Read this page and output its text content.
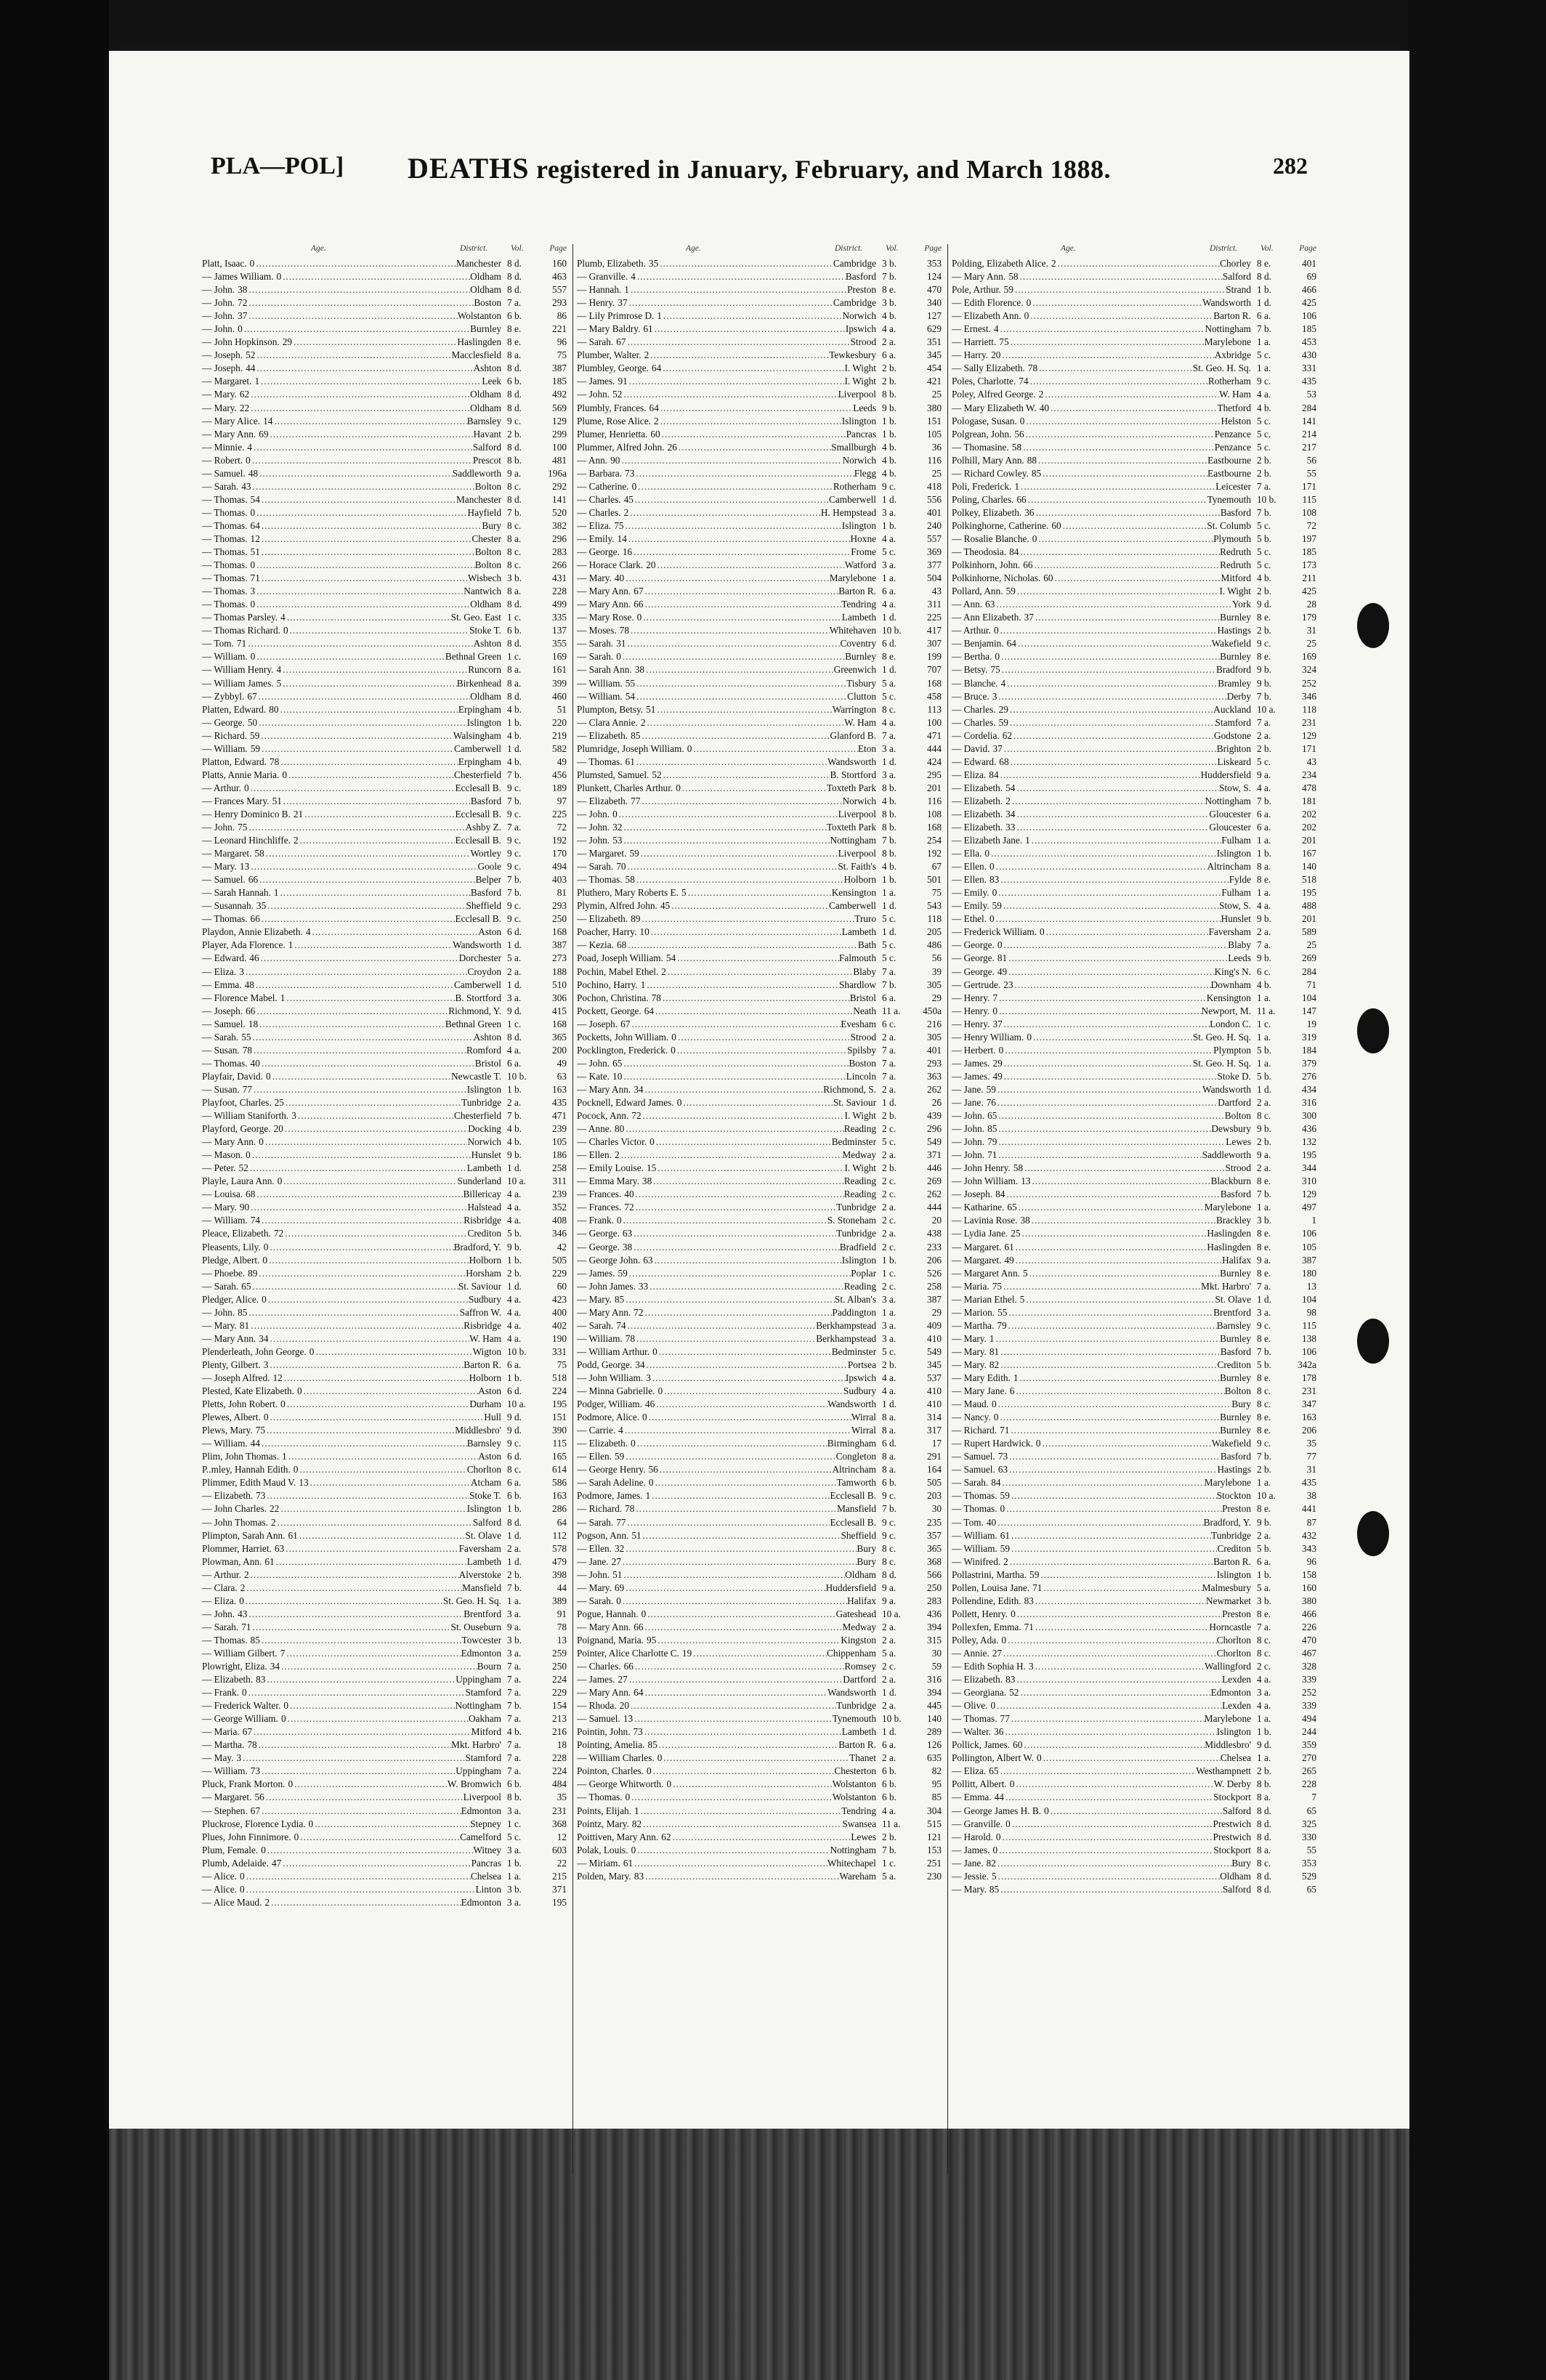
PLA—POL]	DEATHS registered in January, February, and March 1888.	282
Age.	District.	Vol.	Page
Platt, Isaac. 0 .....	Manchester 8 d.	160
— James William. 0 .....	Oldham 8 d.	463
— John. 38 .....	Oldham 8 d.	557
— John. 72 .....	Boston 7 a.	293
— John. 37 .....	Wolstanton 6 b.	86
— John. 0 .....	Burnley 8 e.	221
— John Hopkinson. 29 .....	Haslingden 8 e.	96
— Joseph. 52 .....	Macclesfield 8 a.	75
— Joseph. 44 .....	Ashton 8 d.	387
— Margaret. 1 .....	Leek 6 b.	185
— Mary. 62 .....	Oldham 8 d.	492
— Mary. 22 .....	Oldham 8 d.	569
— Mary Alice. 14 .....	Barnsley 9 c.	129
— Mary Ann. 69 .....	Havant 2 b.	299
— Minnie. 4 .....	Salford 8 d.	100
— Robert. 0 .....	Prescot 8 b.	481
— Samuel. 48 .....	Saddleworth 9 a.	196a
— Sarah. 43 .....	Bolton 8 c.	292
— Thomas. 54 .....	Manchester 8 d.	141
— Thomas. 0 .....	Hayfield 7 b.	520
— Thomas. 64 .....	Bury 8 c.	382
— Thomas. 12 .....	Chester 8 a.	296
— Thomas. 51 .....	Bolton 8 c.	283
— Thomas. 0 .....	Bolton 8 c.	266
— Thomas. 71 .....	Wisbech 3 b.	431
— Thomas. 3 .....	Nantwich 8 a.	228
— Thomas. 0 .....	Oldham 8 d.	499
— Thomas Parsley. 4 .....	St. Geo. East 1 c.	335
— Thomas Richard. 0 .....	Stoke T. 6 b.	137
— Tom. 71 .....	Ashton 8 d.	355
— William. 0 .....	Bethnal Green 1 c.	169
— William Henry. 4 .....	Runcorn 8 a.	161
— William James. 5 .....	Birkenhead 8 a.	399
— Zybbyl. 67 .....	Oldham 8 d.	460
Platten, Edward. 80 .....	Erpingham 4 b.	51
— George. 50 .....	Islington 1 b.	220
— Richard. 59 .....	Walsingham 4 b.	219
— William. 59 .....	Camberwell 1 d.	582
Platton, Edward. 78 .....	Erpingham 4 b.	49
Platts, Annie Maria. 0 .....	Chesterfield 7 b.	456
— Arthur. 0 .....	Ecclesall B. 9 c.	189
— Frances Mary. 51 .....	Basford 7 b.	97
— Henry Dominico B. 21 .....	Ecclesall B. 9 c.	225
— John. 75 .....	Ashby Z. 7 a.	72
— Leonard Hinchliffe. 2 .....	Ecclesall B. 9 c.	192
— Margaret. 58 .....	Wortley 9 c.	170
— Mary. 13 .....	Goole 9 c.	494
— Samuel. 66 .....	Belper 7 b.	403
— Sarah Hannah. 1 .....	Basford 7 b.	81
— Susannah. 35 .....	Sheffield 9 c.	293
— Thomas. 66 .....	Ecclesall B. 9 c.	250
Playdon, Annie Elizabeth. 4 .....	Aston 6 d.	168
Player, Ada Florence. 1 .....	Wandsworth 1 d.	387
— Edward. 46 .....	Dorchester 5 a.	273
— Eliza. 3 .....	Croydon 2 a.	188
— Emma. 48 .....	Camberwell 1 d.	510
— Florence Mabel. 1 .....	B. Stortford 3 a.	306
— Joseph. 66 .....	Richmond, Y. 9 d.	415
— Samuel. 18 .....	Bethnal Green 1 c.	168
— Sarah. 55 .....	Ashton 8 d.	365
— Susan. 78 .....	Romford 4 a.	200
— Thomas. 40 .....	Bristol 6 a.	49
Playfair, David. 0 .....	Newcastle T. 10 b.	63
— Susan. 77 .....	Islington 1 b.	163
Playfoot, Charles. 25 .....	Tunbridge 2 a.	435
— William Staniforth. 3 .....	Chesterfield 7 b.	471
Playford, George. 20 .....	Docking 4 b.	239
— Mary Ann. 0 .....	Norwich 4 b.	105
— Mason. 0 .....	Hunslet 9 b.	186
— Peter. 52 .....	Lambeth 1 d.	258
Playle, Laura Ann. 0 .....	Sunderland 10 a.	311
— Louisa. 68 .....	Billericay 4 a.	239
— Mary. 90 .....	Halstead 4 a.	352
— William. 74 .....	Risbridge 4 a.	408
Pleace, Elizabeth. 72 .....	Crediton 5 b.	346
Pleasents, Lily. 0 .....	Bradford, Y. 9 b.	42
Pledge, Albert. 0 .....	Holborn 1 b.	505
— Phoebe. 89 .....	Horsham 2 b.	229
— Sarah. 65 .....	St. Saviour 1 d.	60
Pledger, Alice. 0 .....	Sudbury 4 a.	423
— John. 85 .....	Saffron W. 4 a.	400
— Mary. 81 .....	Risbridge 4 a.	402
— Mary Ann. 34 .....	W. Ham 4 a.	190
Plenderleath, John George. 0 .....	Wigton 10 b.	331
Plenty, Gilbert. 3 .....	Barton R. 6 a.	75
— Joseph Alfred. 12 .....	Holborn 1 b.	518
Plested, Kate Elizabeth. 0 .....	Aston 6 d.	224
Pletts, John Robert. 0 .....	Durham 10 a.	195
Plewes, Albert. 0 .....	Hull 9 d.	151
Plews, Mary. 75 .....	Middlesbro' 9 d.	390
— William. 44 .....	Barnsley 9 c.	115
Plim, John Thomas. 1 .....	Aston 6 d.	165
P..mley, Hannah Edith. 0 .....	Chorlton 8 c.	614
Plimmer, Edith Maud V. 13 .....	Atcham 6 a.	586
— Elizabeth. 73 .....	Stoke T. 6 b.	163
— John Charles. 22 .....	Islington 1 b.	286
— John Thomas. 2 .....	Salford 8 d.	64
Plimpton, Sarah Ann. 61 .....	St. Olave 1 d.	112
Plommer, Harriet. 63 .....	Faversham 2 a.	578
Plowman, Ann. 61 .....	Lambeth 1 d.	479
— Arthur. 2 .....	Alverstoke 2 b.	398
— Clara. 2 .....	Mansfield 7 b.	44
— Eliza. 0 .....	St. Geo. H. Sq. 1 a.	389
— John. 43 .....	Brentford 3 a.	91
— Sarah. 71 .....	St. Ouseburn 9 a.	78
— Thomas. 85 .....	Towcester 3 b.	13
— William Gilbert. 7 .....	Edmonton 3 a.	259
Plowright, Eliza. 34 .....	Bourn 7 a.	250
— Elizabeth. 83 .....	Uppingham 7 a.	224
— Frank. 0 .....	Stamford 7 a.	229
— Frederick Walter. 0 .....	Nottingham 7 b.	154
— George William. 0 .....	Oakham 7 a.	213
— Maria. 67 .....	Mitford 4 b.	216
— Martha. 78 .....	Mkt. Harbro' 7 a.	18
— May. 3 .....	Stamford 7 a.	228
— William. 73 .....	Uppingham 7 a.	224
Pluck, Frank Morton. 0 .....	W. Bromwich 6 b.	484
— Margaret. 56 .....	Liverpool 8 b.	35
— Stephen. 67 .....	Edmonton 3 a.	231
Pluckrose, Florence Lydia. 0 .....	Stepney 1 c.	368
Plues, John Finnimore. 0 .....	Camelford 5 c.	12
Plum, Female. 0 .....	Witney 3 a.	603
Plumb, Adelaide. 47 .....	Pancras 1 b.	22
— Alice. 0 .....	Chelsea 1 a.	215
— Alice. 0 .....	Linton 3 b.	371
— Alice Maud. 2 .....	Edmonton 3 a.	195
Age.	District.	Vol.	Page
Plumb, Elizabeth. 35 .....	Cambridge 3 b.	353
— Granville. 4 .....	Basford 7 b.	124
— Hannah. 1 .....	Preston 8 e.	470
— Henry. 37 .....	Cambridge 3 b.	340
— Lily Primrose D. 1 .....	Norwich 4 b.	127
— Mary Baldry. 61 .....	Ipswich 4 a.	629
— Sarah. 67 .....	Strood 2 a.	351
Plumber, Walter. 2 .....	Tewkesbury 6 a.	345
Plumbley, George. 64 .....	I. Wight 2 b.	454
— James. 91 .....	I. Wight 2 b.	421
— John. 52 .....	Liverpool 8 b.	25
Plumbly, Frances. 64 .....	Leeds 9 b.	380
Plume, Rose Alice. 2 .....	Islington 1 b.	151
Plumer, Henrietta. 60 .....	Pancras 1 b.	105
Plummer, Alfred John. 26 .....	Smallburgh 4 b.	36
— Ann. 90 .....	Norwich 4 b.	116
— Barbara. 73 .....	Flegg 4 b.	25
— Catherine. 0 .....	Rotherham 9 c.	418
— Charles. 45 .....	Camberwell 1 d.	556
— Charles. 2 .....	H. Hempstead 3 a.	401
— Eliza. 75 .....	Islington 1 b.	240
— Emily. 14 .....	Hoxne 4 a.	557
— George. 16 .....	Frome 5 c.	369
— Horace Clark. 20 .....	Watford 3 a.	377
— Mary. 40 .....	Marylebone 1 a.	504
— Mary Ann. 67 .....	Barton R. 6 a.	43
— Mary Ann. 66 .....	Tendring 4 a.	311
— Mary Rose. 0 .....	Lambeth 1 d.	225
— Moses. 78 .....	Whitehaven 10 b.	417
— Sarah. 31 .....	Coventry 6 d.	307
— Sarah. 0 .....	Burnley 8 e.	199
— Sarah Ann. 38 .....	Greenwich 1 d.	707
— William. 55 .....	Tisbury 5 a.	168
— William. 54 .....	Clutton 5 c.	458
Plumpton, Betsy. 51 .....	Warrington 8 c.	113
— Clara Annie. 2 .....	W. Ham 4 a.	100
— Elizabeth. 85 .....	Glanford B. 7 a.	471
Plumridge, Joseph William. 0 .....	Eton 3 a.	444
— Thomas. 61 .....	Wandsworth 1 d.	424
Plumsted, Samuel. 52 .....	B. Stortford 3 a.	295
Plunkett, Charles Arthur. 0 .....	Toxteth Park 8 b.	201
— Elizabeth. 77 .....	Norwich 4 b.	116
— John. 0 .....	Liverpool 8 b.	108
— John. 32 .....	Toxteth Park 8 b.	168
— John. 53 .....	Nottingham 7 b.	254
— Margaret. 59 .....	Liverpool 8 b.	192
— Sarah. 70 .....	St. Faith's 4 b.	67
— Thomas. 58 .....	Holborn 1 b.	501
Pluthero, Mary Roberts E. 5 .....	Kensington 1 a.	75
Plymin, Alfred John. 45 .....	Camberwell 1 d.	543
— Elizabeth. 89 .....	Truro 5 c.	118
Poacher, Harry. 10 .....	Lambeth 1 d.	205
— Kezia. 68 .....	Bath 5 c.	486
Poad, Joseph William. 54 .....	Falmouth 5 c.	56
Pochin, Mabel Ethel. 2 .....	Blaby 7 a.	39
Pochino, Harry. 1 .....	Shardlow 7 b.	305
Pochon, Christina. 78 .....	Bristol 6 a.	29
Pockett, George. 64 .....	Neath 11 a.	450a
— Joseph. 67 .....	Evesham 6 c.	216
Pocketts, John William. 0 .....	Strood 2 a.	305
Pocklington, Frederick. 0 .....	Spilsby 7 a.	401
— John. 65 .....	Boston 7 a.	293
— Kate. 10 .....	Lincoln 7 a.	363
— Mary Ann. 34 .....	Richmond, S. 2 a.	262
Pocknell, Edward James. 0 .....	St. Saviour 1 d.	26
Pocock, Ann. 72 .....	I. Wight 2 b.	439
— Anne. 80 .....	Reading 2 c.	296
— Charles Victor. 0 .....	Bedminster 5 c.	549
— Ellen. 2 .....	Medway 2 a.	371
— Emily Louise. 15 .....	I. Wight 2 b.	446
— Emma Mary. 38 .....	Reading 2 c.	269
— Frances. 40 .....	Reading 2 c.	262
— Frances. 72 .....	Tunbridge 2 a.	444
— Frank. 0 .....	S. Stoneham 2 c.	20
— George. 63 .....	Tunbridge 2 a.	438
— George. 38 .....	Bradfield 2 c.	233
— George John. 63 .....	Islington 1 b.	206
— James. 59 .....	Poplar 1 c.	526
— John James. 33 .....	Reading 2 c.	258
— Mary. 85 .....	St. Alban's 3 a.	387
— Mary Ann. 72 .....	Paddington 1 a.	29
— Sarah. 74 .....	Berkhampstead 3 a.	409
— William. 78 .....	Berkhampstead 3 a.	410
— William Arthur. 0 .....	Bedminster 5 c.	549
Podd, George. 34 .....	Portsea 2 b.	345
— John William. 3 .....	Ipswich 4 a.	537
— Minna Gabrielle. 0 .....	Sudbury 4 a.	410
Podger, William. 46 .....	Wandsworth 1 d.	410
Podmore, Alice. 0 .....	Wirral 8 a.	314
— Carrie. 4 .....	Wirral 8 a.	317
— Elizabeth. 0 .....	Birmingham 6 d.	17
— Ellen. 59 .....	Congleton 8 a.	291
— George Henry. 56 .....	Altrincham 8 a.	164
— Sarah Adeline. 0 .....	Tamworth 6 b.	505
Podmore, James. 1 .....	Ecclesall B. 9 c.	203
— Richard. 78 .....	Mansfield 7 b.	30
— Sarah. 77 .....	Ecclesall B. 9 c.	235
Pogson, Ann. 51 .....	Sheffield 9 c.	357
— Ellen. 32 .....	Bury 8 c.	365
— Jane. 27 .....	Bury 8 c.	368
— John. 51 .....	Oldham 8 d.	566
— Mary. 69 .....	Huddersfield 9 a.	250
— Sarah. 0 .....	Halifax 9 a.	283
Pogue, Hannah. 0 .....	Gateshead 10 a.	436
— Mary Ann. 66 .....	Medway 2 a.	394
Poignand, Maria. 95 .....	Kingston 2 a.	315
Pointer, Alice Charlotte C. 19 .....	Chippenham 5 a.	30
— Charles. 66 .....	Romsey 2 c.	59
— James. 27 .....	Dartford 2 a.	316
— Mary Ann. 64 .....	Wandsworth 1 d.	394
— Rhoda. 20 .....	Tunbridge 2 a.	445
— Samuel. 13 .....	Tynemouth 10 b.	140
Pointin, John. 73 .....	Lambeth 1 d.	289
Pointing, Amelia. 85 .....	Barton R. 6 a.	126
— William Charles. 0 .....	Thanet 2 a.	635
Pointon, Charles. 0 .....	Chesterton 6 b.	82
— George Whitworth. 0 .....	Wolstanton 6 b.	95
— Thomas. 0 .....	Wolstanton 6 b.	85
Points, Elijah. 1 .....	Tendring 4 a.	304
Pointz, Mary. 82 .....	Swansea 11 a.	515
Poittiven, Mary Ann. 62 .....	Lewes 2 b.	121
Polak, Louis. 0 .....	Nottingham 7 b.	153
— Miriam. 61 .....	Whitechapel 1 c.	251
Polden, Mary. 83 .....	Wareham 5 a.	230
Age.	District.	Vol.	Page
Polding, Elizabeth Alice. 2 .....	Chorley 8 e.	401
— Mary Ann. 58 .....	Salford 8 d.	69
Pole, Arthur. 59 .....	Strand 1 b.	466
— Edith Florence. 0 .....	Wandsworth 1 d.	425
— Elizabeth Ann. 0 .....	Barton R. 6 a.	106
— Ernest. 4 .....	Nottingham 7 b.	185
— Harriett. 75 .....	Marylebone 1 a.	453
— Harry. 20 .....	Axbridge 5 c.	430
— Sally Elizabeth. 78 .....	St. Geo. H. Sq. 1 a.	331
Poles, Charlotte. 74 .....	Rotherham 9 c.	435
Poley, Alfred George. 2 .....	W. Ham 4 a.	53
— Mary Elizabeth W. 40 .....	Thetford 4 b.	284
Pologase, Susan. 0 .....	Helston 5 c.	141
Polgrean, John. 56 .....	Penzance 5 c.	214
— Thomasine. 58 .....	Penzance 5 c.	217
Polhill, Mary Ann. 88 .....	Eastbourne 2 b.	56
— Richard Cowley. 85 .....	Eastbourne 2 b.	55
Poli, Frederick. 1 .....	Leicester 7 a.	171
Poling, Charles. 66 .....	Tynemouth 10 b.	115
Polkey, Elizabeth. 36 .....	Basford 7 b.	108
Polkinghorne, Catherine. 60 .....	St. Columb 5 c.	72
— Rosalie Blanche. 0 .....	Plymouth 5 b.	197
— Theodosia. 84 .....	Redruth 5 c.	185
Polkinhorn, John. 66 .....	Redruth 5 c.	173
Polkinhorne, Nicholas. 60 .....	Mitford 4 b.	211
Pollard, Ann. 59 .....	I. Wight 2 b.	425
— Ann. 63 .....	York 9 d.	28
— Ann Elizabeth. 37 .....	Burnley 8 e.	179
— Arthur. 0 .....	Hastings 2 b.	31
— Benjamin. 64 .....	Wakefield 9 c.	25
— Bertha. 0 .....	Burnley 8 e.	169
— Betsy. 75 .....	Bradford 9 b.	324
— Blanche. 4 .....	Bramley 9 b.	252
— Bruce. 3 .....	Derby 7 b.	346
— Charles. 29 .....	Auckland 10 a.	118
— Charles. 59 .....	Stamford 7 a.	231
— Cordelia. 62 .....	Godstone 2 a.	129
— David. 37 .....	Brighton 2 b.	171
— Edward. 68 .....	Liskeard 5 c.	43
— Eliza. 84 .....	Huddersfield 9 a.	234
— Elizabeth. 54 .....	Stow, S. 4 a.	478
— Elizabeth. 2 .....	Nottingham 7 b.	181
— Elizabeth. 34 .....	Gloucester 6 a.	202
— Elizabeth. 33 .....	Gloucester 6 a.	202
— Elizabeth Jane. 1 .....	Fulham 1 a.	201
— Ella. 0 .....	Islington 1 b.	167
— Ellen. 0 .....	Altrincham 8 a.	140
— Ellen. 83 .....	Fylde 8 e.	518
— Emily. 0 .....	Fulham 1 a.	195
— Emily. 59 .....	Stow, S. 4 a.	488
— Ethel. 0 .....	Hunslet 9 b.	201
— Frederick William. 0 .....	Faversham 2 a.	589
— George. 0 .....	Blaby 7 a.	25
— George. 81 .....	Leeds 9 b.	269
— George. 49 .....	King's N. 6 c.	284
— Gertrude. 23 .....	Downham 4 b.	71
— Henry. 7 .....	Kensington 1 a.	104
— Henry. 0 .....	Newport, M. 11 a.	147
— Henry. 37 .....	London C. 1 c.	19
— Henry William. 0 .....	St. Geo. H. Sq. 1 a.	319
— Herbert. 0 .....	Plympton 5 b.	184
— James. 29 .....	St. Geo. H. Sq. 1 a.	379
— James. 49 .....	Stoke D. 5 b.	276
— Jane. 59 .....	Wandsworth 1 d.	434
— Jane. 76 .....	Dartford 2 a.	316
— John. 65 .....	Bolton 8 c.	300
— John. 85 .....	Dewsbury 9 b.	436
— John. 79 .....	Lewes 2 b.	132
— John. 71 .....	Saddleworth 9 a.	195
— John Henry. 58 .....	Strood 2 a.	344
— John William. 13 .....	Blackburn 8 e.	310
— Joseph. 84 .....	Basford 7 b.	129
— Katharine. 65 .....	Marylebone 1 a.	497
— Lavinia Rose. 38 .....	Brackley 3 b.	1
— Lydia Jane. 25 .....	Haslingden 8 e.	106
— Margaret. 61 .....	Haslingden 8 e.	105
— Margaret. 49 .....	Halifax 9 a.	387
— Margaret Ann. 5 .....	Burnley 8 e.	180
— Maria. 75 .....	Mkt. Harbro' 7 a.	13
— Marian Ethel. 5 .....	St. Olave 1 d.	104
— Marion. 55 .....	Brentford 3 a.	98
— Martha. 79 .....	Barnsley 9 c.	115
— Mary. 1 .....	Burnley 8 e.	138
— Mary. 81 .....	Basford 7 b.	106
— Mary. 82 .....	Crediton 5 b.	342a
— Mary Edith. 1 .....	Burnley 8 e.	178
— Mary Jane. 6 .....	Bolton 8 c.	231
— Maud. 0 .....	Bury 8 c.	347
— Nancy. 0 .....	Burnley 8 e.	163
— Richard. 71 .....	Burnley 8 e.	206
— Rupert Hardwick. 0 .....	Wakefield 9 c.	35
— Samuel. 73 .....	Basford 7 b.	77
— Samuel. 63 .....	Hastings 2 b.	31
— Sarah. 84 .....	Marylebone 1 a.	435
— Thomas. 59 .....	Stockton 10 a.	38
— Thomas. 0 .....	Preston 8 e.	441
— Tom. 40 .....	Bradford, Y. 9 b.	87
— William. 61 .....	Tunbridge 2 a.	432
— William. 59 .....	Crediton 5 b.	343
— Winifred. 2 .....	Barton R. 6 a.	96
Pollastrini, Martha. 59 .....	Islington 1 b.	158
Pollen, Louisa Jane. 71 .....	Malmesbury 5 a.	160
Pollendine, Edith. 83 .....	Newmarket 3 b.	380
Pollett, Henry. 0 .....	Preston 8 e.	466
Pollexfen, Emma. 71 .....	Horncastle 7 a.	226
Polley, Ada. 0 .....	Chorlton 8 c.	470
— Annie. 27 .....	Chorlton 8 c.	467
— Edith Sophia H. 3 .....	Wallingford 2 c.	328
— Elizabeth. 83 .....	Lexden 4 a.	339
— Georgiana. 52 .....	Edmonton 3 a.	252
— Olive. 0 .....	Lexden 4 a.	339
— Thomas. 77 .....	Marylebone 1 a.	494
— Walter. 36 .....	Islington 1 b.	244
Pollick, James. 60 .....	Middlesbro' 9 d.	359
Pollington, Albert W. 0 .....	Chelsea 1 a.	270
— Eliza. 65 .....	Westhampnett 2 b.	265
Pollitt, Albert. 0 .....	W. Derby 8 b.	228
— Emma. 44 .....	Stockport 8 a.	7
— George James H. B. 0 .....	Salford 8 d.	65
— Granville. 0 .....	Prestwich 8 d.	325
— Harold. 0 .....	Prestwich 8 d.	330
— James. 0 .....	Stockport 8 a.	55
— Jane. 82 .....	Bury 8 c.	353
— Jessie. 5 .....	Oldham 8 d.	529
— Mary. 85 .....	Salford 8 d.	65
